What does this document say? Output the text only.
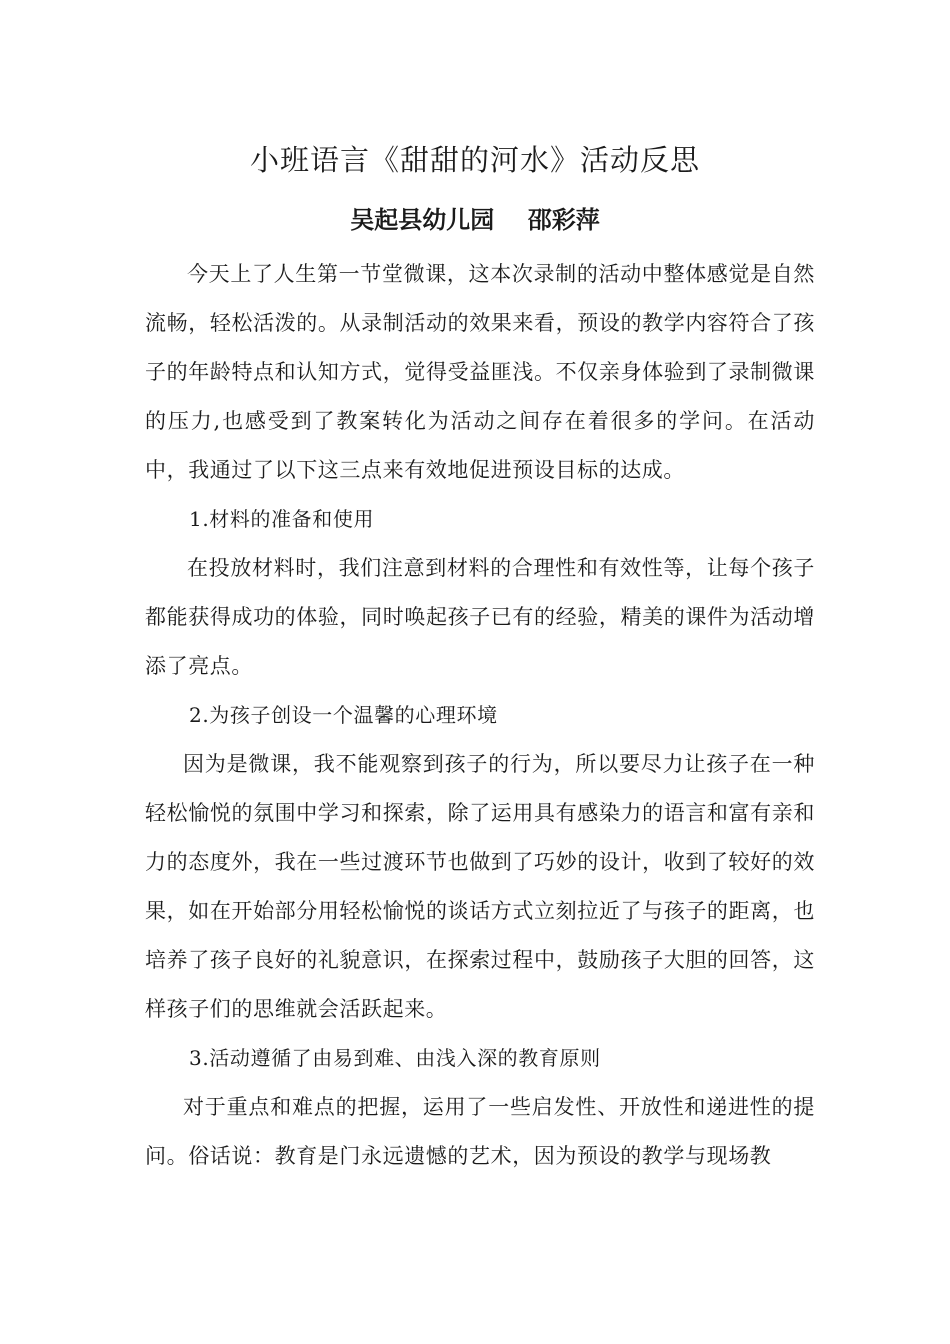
小班语言《甜甜的河水》活动反思
吴起县幼儿园    邵彩萍

今天上了人生第一节堂微课，这本次录制的活动中整体感觉是自然流畅，轻松活泼的。从录制活动的效果来看，预设的教学内容符合了孩子的年龄特点和认知方式，觉得受益匪浅。不仅亲身体验到了录制微课的压力,也感受到了教案转化为活动之间存在着很多的学问。在活动中，我通过了以下这三点来有效地促进预设目标的达成。

1.材料的准备和使用

在投放材料时，我们注意到材料的合理性和有效性等，让每个孩子都能获得成功的体验，同时唤起孩子已有的经验，精美的课件为活动增添了亮点。

2.为孩子创设一个温馨的心理环境

因为是微课，我不能观察到孩子的行为，所以要尽力让孩子在一种轻松愉悦的氛围中学习和探索，除了运用具有感染力的语言和富有亲和力的态度外，我在一些过渡环节也做到了巧妙的设计，收到了较好的效果，如在开始部分用轻松愉悦的谈话方式立刻拉近了与孩子的距离，也培养了孩子良好的礼貌意识，在探索过程中，鼓励孩子大胆的回答，这样孩子们的思维就会活跃起来。

3.活动遵循了由易到难、由浅入深的教育原则

对于重点和难点的把握，运用了一些启发性、开放性和递进性的提问。俗话说：教育是门永远遗憾的艺术，因为预设的教学与现场教
